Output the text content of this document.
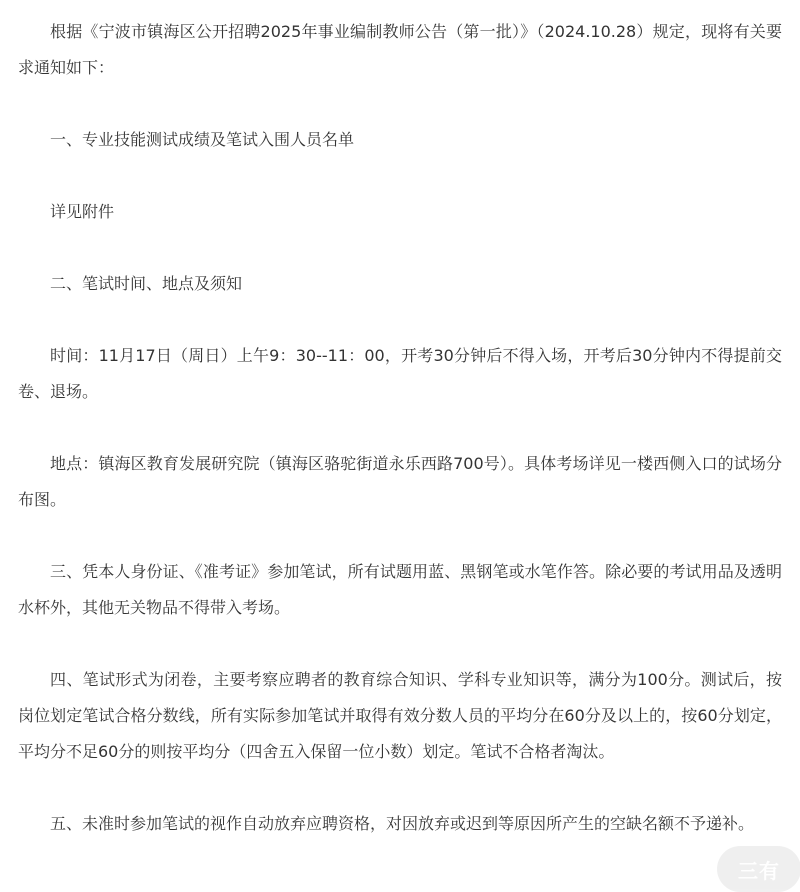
根据《宁波市镇海区公开招聘2025年事业编制教师公告（第一批）》（2024.10.28）规定，现将有关要求通知如下：

一、专业技能测试成绩及笔试入围人员名单

详见附件

二、笔试时间、地点及须知

时间：11月17日（周日）上午9：30--11：00，开考30分钟后不得入场，开考后30分钟内不得提前交卷、退场。

地点：镇海区教育发展研究院（镇海区骆驼街道永乐西路700号）。具体考场详见一楼西侧入口的试场分布图。

三、凭本人身份证、《准考证》参加笔试，所有试题用蓝、黑钢笔或水笔作答。除必要的考试用品及透明水杯外，其他无关物品不得带入考场。

四、笔试形式为闭卷，主要考察应聘者的教育综合知识、学科专业知识等，满分为100分。测试后，按岗位划定笔试合格分数线，所有实际参加笔试并取得有效分数人员的平均分在60分及以上的，按60分划定，平均分不足60分的则按平均分（四舍五入保留一位小数）划定。笔试不合格者淘汰。

五、未准时参加笔试的视作自动放弃应聘资格，对因放弃或迟到等原因所产生的空缺名额不予递补。

三有
